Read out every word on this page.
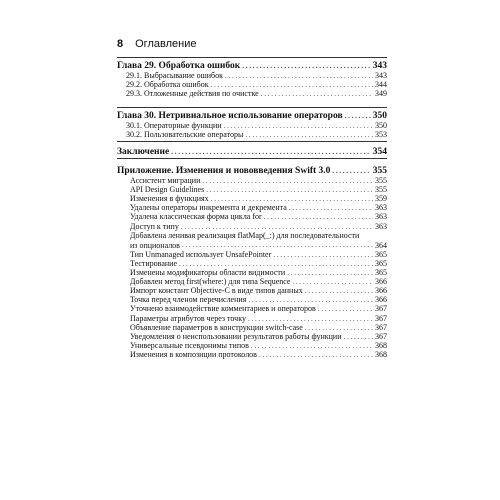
8 Оглавление
Глава 29. Обработка ошибок . . .	343
29.1. Выбрасывание ошибок . . .	343
29.2. Обработка ошибок . . .	344
29.3. Отложенные действия по очистке . . .	349
Глава 30. Нетривиальное использование операторов . . .	350
30.1. Операторные функции . . .	350
30.2. Пользовательские операторы . . .	353
Заключение . . .	354
Приложение. Изменения и нововведения Swift 3.0 . . .	355
Ассистент миграции . . .	355
API Design Guidelines . . .	355
Изменения в функциях . . .	359
Удалены операторы инкремента и декремента . . .	363
Удалена классическая форма цикла for . . .	363
Доступ к типу . . .	363
Добавлена ленивая реализация flatMap(_:) для последовательности
из опционалов . . .	364
Тип Unmanaged использует UnsafePointer . . .	365
Тестирование . . .	365
Изменены модификаторы области видимости . . .	365
Добавлен метод first(where:) для типа Sequence . . .	366
Импорт констант Objective-C в виде типов данных . . .	366
Точка перед членом перечисления . . .	366
Уточнено взаимодействие комментариев и операторов . . .	367
Параметры атрибутов через точку . . .	367
Объявление параметров в конструкции switch-case . . .	367
Уведомления о неиспользовании результатов работы функции . . .	367
Универсальные псевдонимы типов . . .	368
Изменения в композиции протоколов . . .	368
